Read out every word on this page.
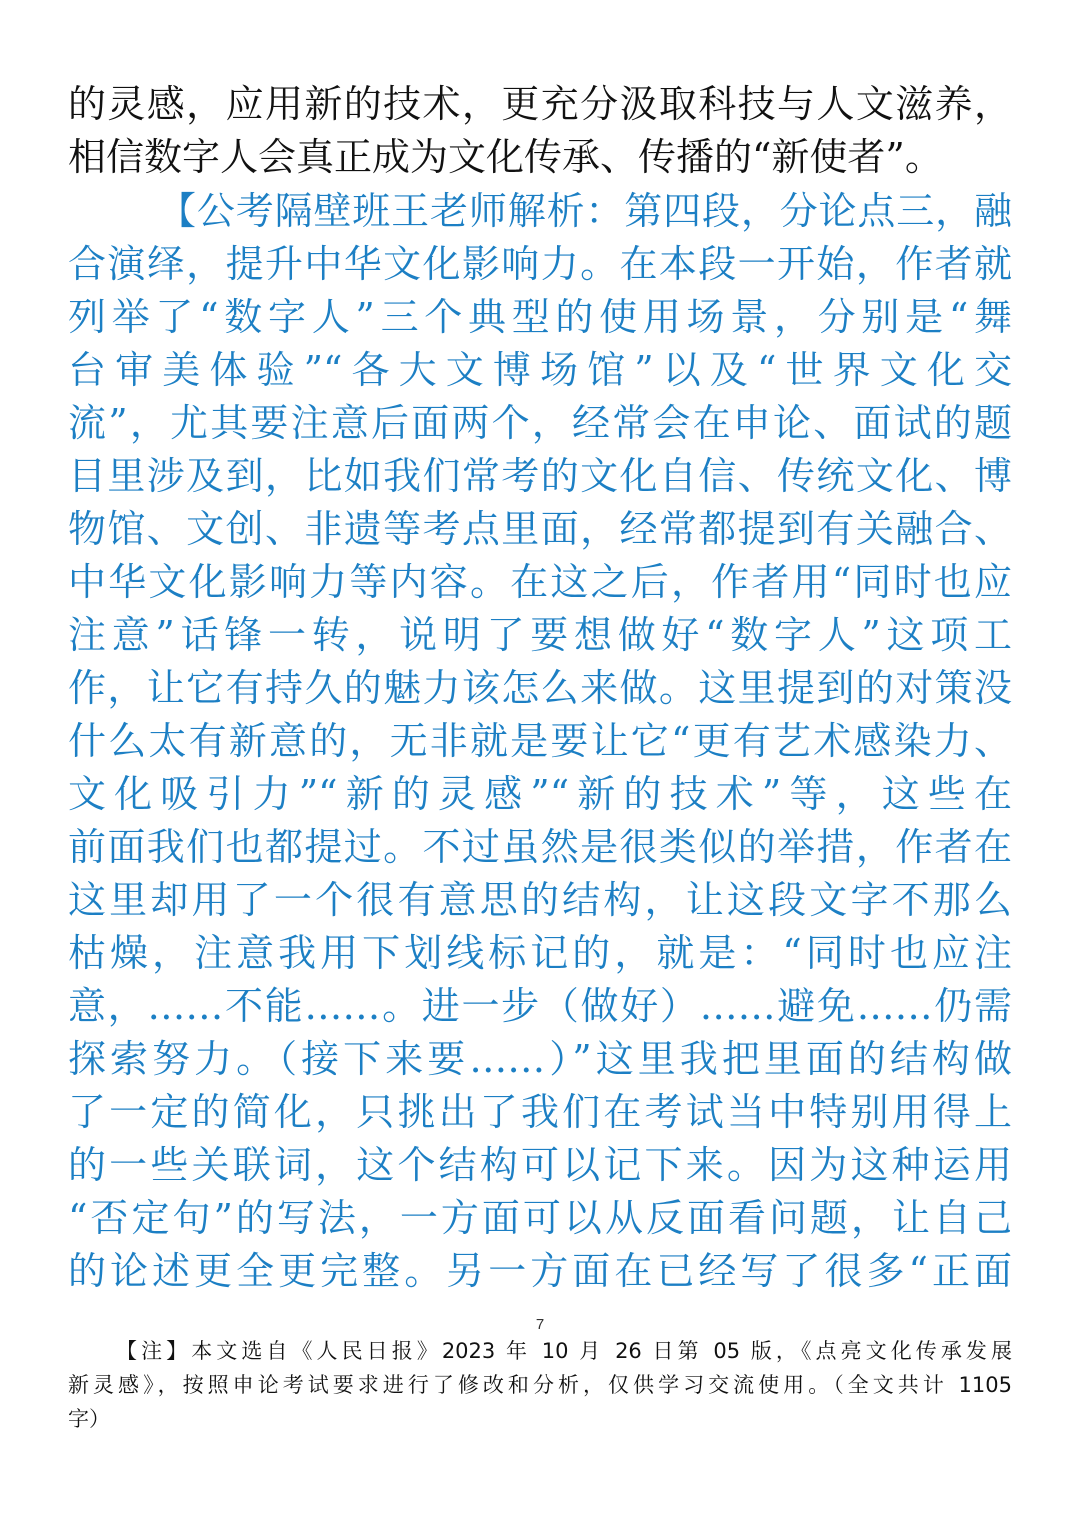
的灵感，应用新的技术，更充分汲取科技与人文滋养，
相信数字人会真正成为文化传承、传播的“新使者”。
【公考隔壁班王老师解析：第四段，分论点三，融
合演绎，提升中华文化影响力。在本段一开始，作者就
列举了“数字人”三个典型的使用场景，分别是“舞
台审美体验”“各大文博场馆”以及“世界文化交
流”，尤其要注意后面两个，经常会在申论、面试的题
目里涉及到，比如我们常考的文化自信、传统文化、博
物馆、文创、非遗等考点里面，经常都提到有关融合、
中华文化影响力等内容。在这之后，作者用“同时也应
注意”话锋一转，说明了要想做好“数字人”这项工
作，让它有持久的魅力该怎么来做。这里提到的对策没
什么太有新意的，无非就是要让它“更有艺术感染力、
文化吸引力”“新的灵感”“新的技术”等，这些在
前面我们也都提过。不过虽然是很类似的举措，作者在
这里却用了一个很有意思的结构，让这段文字不那么
枯燥，注意我用下划线标记的，就是：“同时也应注
意，……不能……。进一步（做好）……避免……仍需
探索努力。（接下来要……）”这里我把里面的结构做
了一定的简化，只挑出了我们在考试当中特别用得上
的一些关联词，这个结构可以记下来。因为这种运用
“否定句”的写法，一方面可以从反面看问题，让自己
的论述更全更完整。另一方面在已经写了很多“正面
7
【注】本文选自《人民日报》2023 年 10 月 26 日第 05 版，《点亮文化传承发展
新灵感》，按照申论考试要求进行了修改和分析，仅供学习交流使用。（全文共计 1105
字）
